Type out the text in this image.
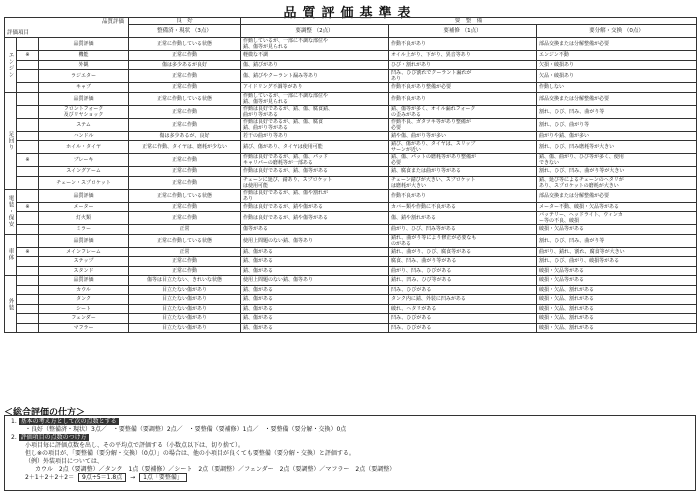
品質評価基準表
品質評価
評価項目			良　好	要　整　備		
			整備済・現状 （3点）	要調整 （2点）	要補修 （1点）	要分解・交換 （0点）
エンジン		品質評価	正常に作動している状態	作動しているが、一部に不調な部位や
錆、傷等が見られる	作動不良があり	部品交換または分解整備が必要
	※	機能	正常に作動	軽微な不調	オイル上がり、下がり、異音等あり	エンジン不動
		外観	傷は多少あるが良好	傷、錆びがあり	ひび・割れがあり	欠損・破損あり
		ラジエター	正常に作動	傷、錆びやクーラント漏み等あり	凹み、ひび割れでクーラント漏れが
あり	欠品・破損あり
		キャブ	正常に作動	アイドリング不調等があり	作動不良があり整備が必要	作動しない
足回り		品質評価	正常に作動している状態	作動しているが、一部に不調な部位や
錆、傷等が見られる	作動不良があり	部品交換または分解整備が必要
		フロントフォーク
及びリヤショック	正常に作動	作動は良好であるが、錆、傷、腐食錆、
曲がり等がある	錆、傷等が多く、オイル漏れフォーク
の歪みがある	割れ、ひび、凹み、曲がり等
		ステム	正常に作動	作動は良好であるが、錆、傷、腐食
錆、曲がり等がある	作動不良、ガタツキ等があり整備が
必要	割れ、ひび、曲がり等
		ハンドル	傷は多少あるが、良好	若干の曲がり等あり	錆や傷、曲がり等が多い	曲がりや錆、傷が多い
		ホイル・タイヤ	正常に作動、タイヤは、磨耗が少ない	錆び、傷があり、タイヤは使用可能	錆び、傷があり、タイヤは、スリップ
サーンが近い	割れ、ひび、凹み磨耗等が大きい
	※	ブレーキ	正常に作動	作動は良好であるが、錆、傷、パッド
キャリパーの磨耗等が一部ある	錆、傷、パットの磨耗等があり整備が
必要	錆、傷、曲がり、ひび等が多く、使用
できない
		スイングアーム	正常に作動	作動は良好であるが、錆、傷等がある	錆、腐食または曲がり等がある	割れ、ひび、凹み、曲がり等が大きい
		チェーン・スプロケット	正常に作動	チェーンに延び、錆あり、スプロケット
は使用可能	チェーン錆びが大きい、スプロケット
は磨耗が大きい	錆、延び等によるチェーンのヘタリが
あり、スプロケットの磨耗が大きい
電装・保安		品質評価	正常に作動している状態	作動は良好であるが、錆、傷や割れが
あり	作動不良があり	部品交換または分解整備が必要
	※	メーター	正常に作動	作動は良好であるが、錆や傷がある	カバー類や作動に不良がある	メーター不動、破損・欠品等がある
		灯火類	正常に作動	作動は良好であるが、錆や傷等がある	傷、錆や割れがある	バッテリー、ヘッドライト、ウィンカ
ー等の不良、破損
		ミラー	正常	傷等がある	曲がり、ひび、凹み等がある	破損・欠品等がある
車体		品質評価	正常に作動している状態	使用上問題のない錆、傷等あり	錆れ、曲がり等により修正が必要なも
のがある	割れ、ひび、凹み、曲がり等
	※	メインフレーム	正常	錆、傷がある	錆れ、曲がり、ひび、腐食等がある	曲がり、錆れ、割れ、腐食等が大きい
		ステップ	正常に作動	錆、傷がある	腐食、凹み、曲がり等がある	割れ、ひび、曲がり、破損等がある
		スタンド	正常に作動	錆、傷がある	曲がり、凹み、ひびがある	破損・欠品等がある
外装		品質評価	傷等は目立たない、きれいな状態	使用上問題のない錆、傷等あり	錆れ、凹み、ひび等がある	破損・欠品等がある
		カウル	目立たない傷があり	錆、傷がある	凹み、ひびがある	破損・欠品、割れがある
		タンク	目立たない傷があり	錆、傷がある	タンク内に錆、外装に凹みがある	破損・欠品、割れがある
		シート	目立たない傷があり	錆、傷がある	破れ、ヘタリがある	破損・欠品、割れがある
		フェンダー	目立たない傷があり	錆、傷がある	凹み、ひびがある	破損・欠品、割れがある
		マフラー	目立たない傷があり	錆、傷がある	凹み、ひびがある	破損・欠品、割れがある
＜総合評価の仕方＞
1. 基本の考え方として次の点数とする
・良好（整備済・現状）3点／　・要整備（要調整）2点／　・要整備（要補修）1点／　・要整備（要分解・交換）0点
2. 評価項目の点数のつけ方
小項目毎に評価点数を出し、その平均点で評価する（小数点以下は、切り捨て）。
但し※の項目が、「要整備（要分解・交換）（0点）」の場合は、他の小項目が良くても要整備（要分解・交換）と評価する。
（例）外装項目については、
カウル　2点（要調整）／タンク　1点（要補修）／シート　2点（要調整）／フェンダー　2点（要調整）／マフラー　2点（要調整）
2＋1＋2＋2＋2＝ 9点÷5＝1.8点 → 1点「要整備」
